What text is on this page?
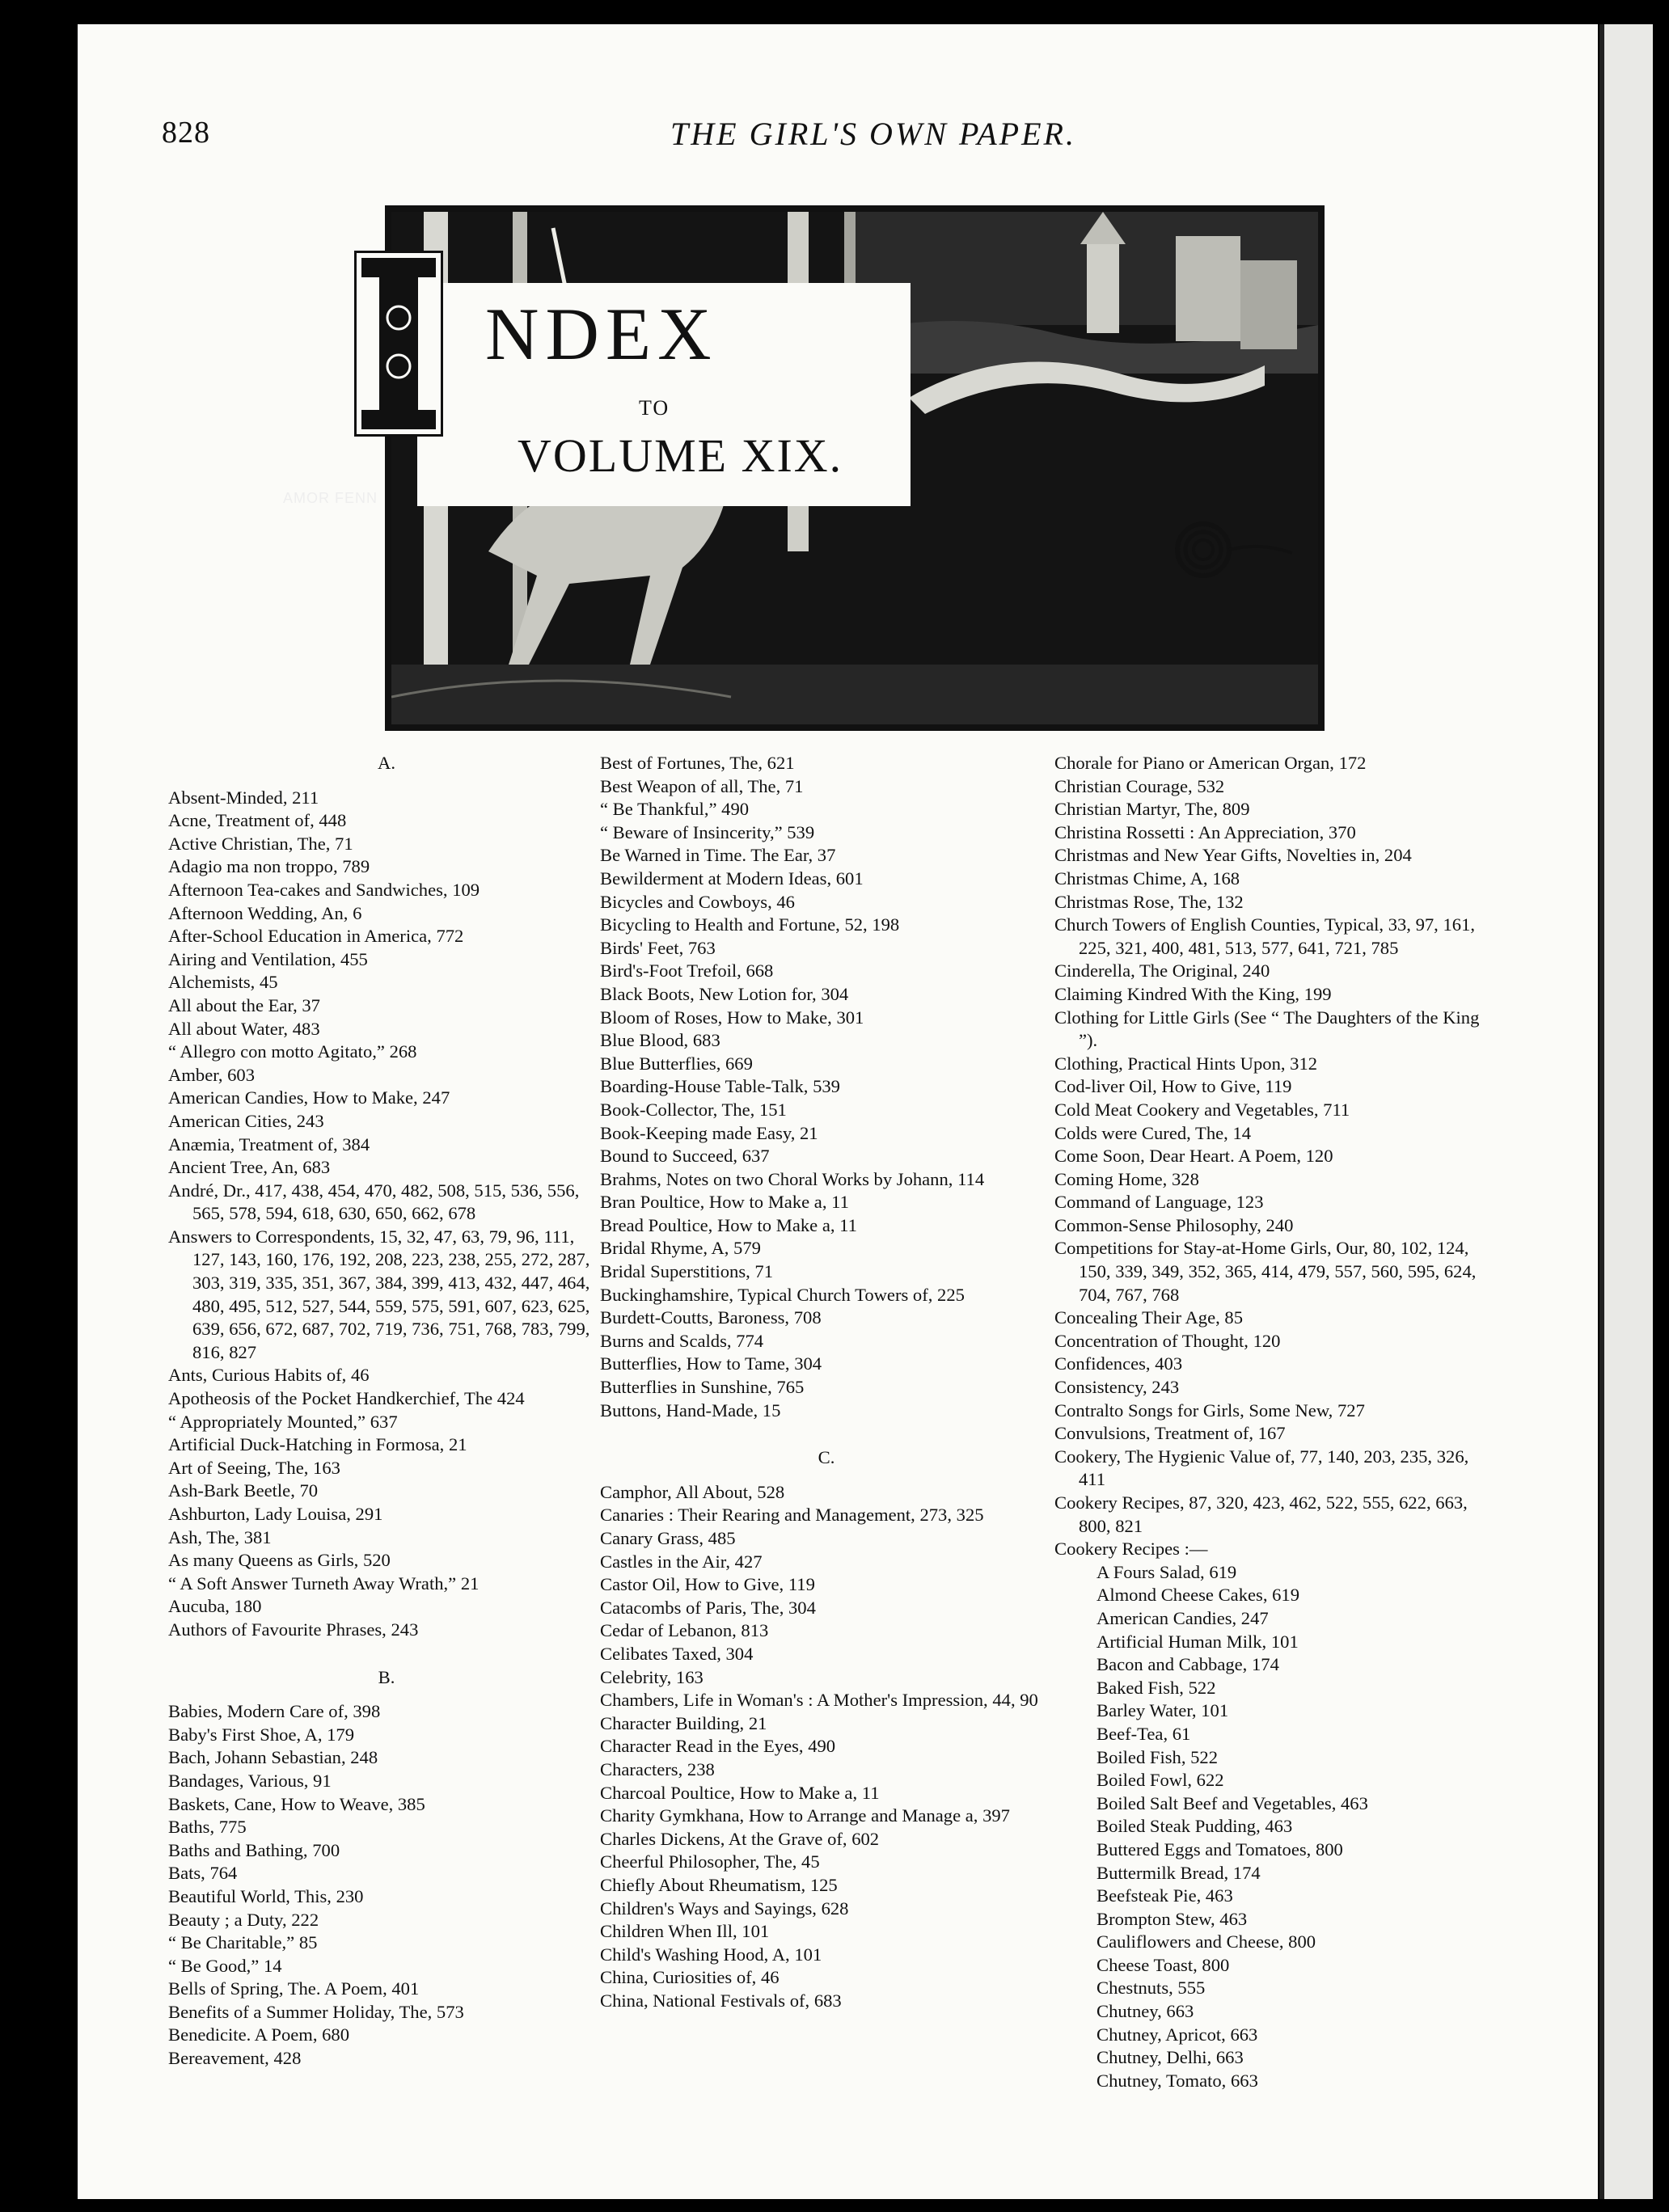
828	THE GIRL'S OWN PAPER.
NDEX
TO
VOLUME XIX.
AMOR FENN
A.
Absent-Minded, 211
Acne, Treatment of, 448
Active Christian, The, 71
Adagio ma non troppo, 789
Afternoon Tea-cakes and Sandwiches, 109
Afternoon Wedding, An, 6
After-School Education in America, 772
Airing and Ventilation, 455
Alchemists, 45
All about the Ear, 37
All about Water, 483
“ Allegro con motto Agitato,” 268
Amber, 603
American Candies, How to Make, 247
American Cities, 243
Anæmia, Treatment of, 384
Ancient Tree, An, 683
André, Dr., 417, 438, 454, 470, 482, 508, 515, 536, 556, 565, 578, 594, 618, 630, 650, 662, 678
Answers to Correspondents, 15, 32, 47, 63, 79, 96, 111, 127, 143, 160, 176, 192, 208, 223, 238, 255, 272, 287, 303, 319, 335, 351, 367, 384, 399, 413, 432, 447, 464, 480, 495, 512, 527, 544, 559, 575, 591, 607, 623, 625, 639, 656, 672, 687, 702, 719, 736, 751, 768, 783, 799, 816, 827
Ants, Curious Habits of, 46
Apotheosis of the Pocket Handkerchief, The 424
“ Appropriately Mounted,” 637
Artificial Duck-Hatching in Formosa, 21
Art of Seeing, The, 163
Ash-Bark Beetle, 70
Ashburton, Lady Louisa, 291
Ash, The, 381
As many Queens as Girls, 520
“ A Soft Answer Turneth Away Wrath,” 21
Aucuba, 180
Authors of Favourite Phrases, 243
B.
Babies, Modern Care of, 398
Baby's First Shoe, A, 179
Bach, Johann Sebastian, 248
Bandages, Various, 91
Baskets, Cane, How to Weave, 385
Baths, 775
Baths and Bathing, 700
Bats, 764
Beautiful World, This, 230
Beauty ; a Duty, 222
“ Be Charitable,” 85
“ Be Good,” 14
Bells of Spring, The. A Poem, 401
Benefits of a Summer Holiday, The, 573
Benedicite. A Poem, 680
Bereavement, 428
Best of Fortunes, The, 621
Best Weapon of all, The, 71
“ Be Thankful,” 490
“ Beware of Insincerity,” 539
Be Warned in Time. The Ear, 37
Bewilderment at Modern Ideas, 601
Bicycles and Cowboys, 46
Bicycling to Health and Fortune, 52, 198
Birds' Feet, 763
Bird's-Foot Trefoil, 668
Black Boots, New Lotion for, 304
Bloom of Roses, How to Make, 301
Blue Blood, 683
Blue Butterflies, 669
Boarding-House Table-Talk, 539
Book-Collector, The, 151
Book-Keeping made Easy, 21
Bound to Succeed, 637
Brahms, Notes on two Choral Works by Johann, 114
Bran Poultice, How to Make a, 11
Bread Poultice, How to Make a, 11
Bridal Rhyme, A, 579
Bridal Superstitions, 71
Buckinghamshire, Typical Church Towers of, 225
Burdett-Coutts, Baroness, 708
Burns and Scalds, 774
Butterflies, How to Tame, 304
Butterflies in Sunshine, 765
Buttons, Hand-Made, 15
C.
Camphor, All About, 528
Canaries : Their Rearing and Management, 273, 325
Canary Grass, 485
Castles in the Air, 427
Castor Oil, How to Give, 119
Catacombs of Paris, The, 304
Cedar of Lebanon, 813
Celibates Taxed, 304
Celebrity, 163
Chambers, Life in Woman's : A Mother's Impression, 44, 90
Character Building, 21
Character Read in the Eyes, 490
Characters, 238
Charcoal Poultice, How to Make a, 11
Charity Gymkhana, How to Arrange and Manage a, 397
Charles Dickens, At the Grave of, 602
Cheerful Philosopher, The, 45
Chiefly About Rheumatism, 125
Children's Ways and Sayings, 628
Children When Ill, 101
Child's Washing Hood, A, 101
China, Curiosities of, 46
China, National Festivals of, 683
Chorale for Piano or American Organ, 172
Christian Courage, 532
Christian Martyr, The, 809
Christina Rossetti : An Appreciation, 370
Christmas and New Year Gifts, Novelties in, 204
Christmas Chime, A, 168
Christmas Rose, The, 132
Church Towers of English Counties, Typical, 33, 97, 161, 225, 321, 400, 481, 513, 577, 641, 721, 785
Cinderella, The Original, 240
Claiming Kindred With the King, 199
Clothing for Little Girls (See “ The Daughters of the King ”).
Clothing, Practical Hints Upon, 312
Cod-liver Oil, How to Give, 119
Cold Meat Cookery and Vegetables, 711
Colds were Cured, The, 14
Come Soon, Dear Heart. A Poem, 120
Coming Home, 328
Command of Language, 123
Common-Sense Philosophy, 240
Competitions for Stay-at-Home Girls, Our, 80, 102, 124, 150, 339, 349, 352, 365, 414, 479, 557, 560, 595, 624, 704, 767, 768
Concealing Their Age, 85
Concentration of Thought, 120
Confidences, 403
Consistency, 243
Contralto Songs for Girls, Some New, 727
Convulsions, Treatment of, 167
Cookery, The Hygienic Value of, 77, 140, 203, 235, 326, 411
Cookery Recipes, 87, 320, 423, 462, 522, 555, 622, 663, 800, 821
Cookery Recipes :—
A Fours Salad, 619
Almond Cheese Cakes, 619
American Candies, 247
Artificial Human Milk, 101
Bacon and Cabbage, 174
Baked Fish, 522
Barley Water, 101
Beef-Tea, 61
Boiled Fish, 522
Boiled Fowl, 622
Boiled Salt Beef and Vegetables, 463
Boiled Steak Pudding, 463
Buttered Eggs and Tomatoes, 800
Buttermilk Bread, 174
Beefsteak Pie, 463
Brompton Stew, 463
Cauliflowers and Cheese, 800
Cheese Toast, 800
Chestnuts, 555
Chutney, 663
Chutney, Apricot, 663
Chutney, Delhi, 663
Chutney, Tomato, 663
